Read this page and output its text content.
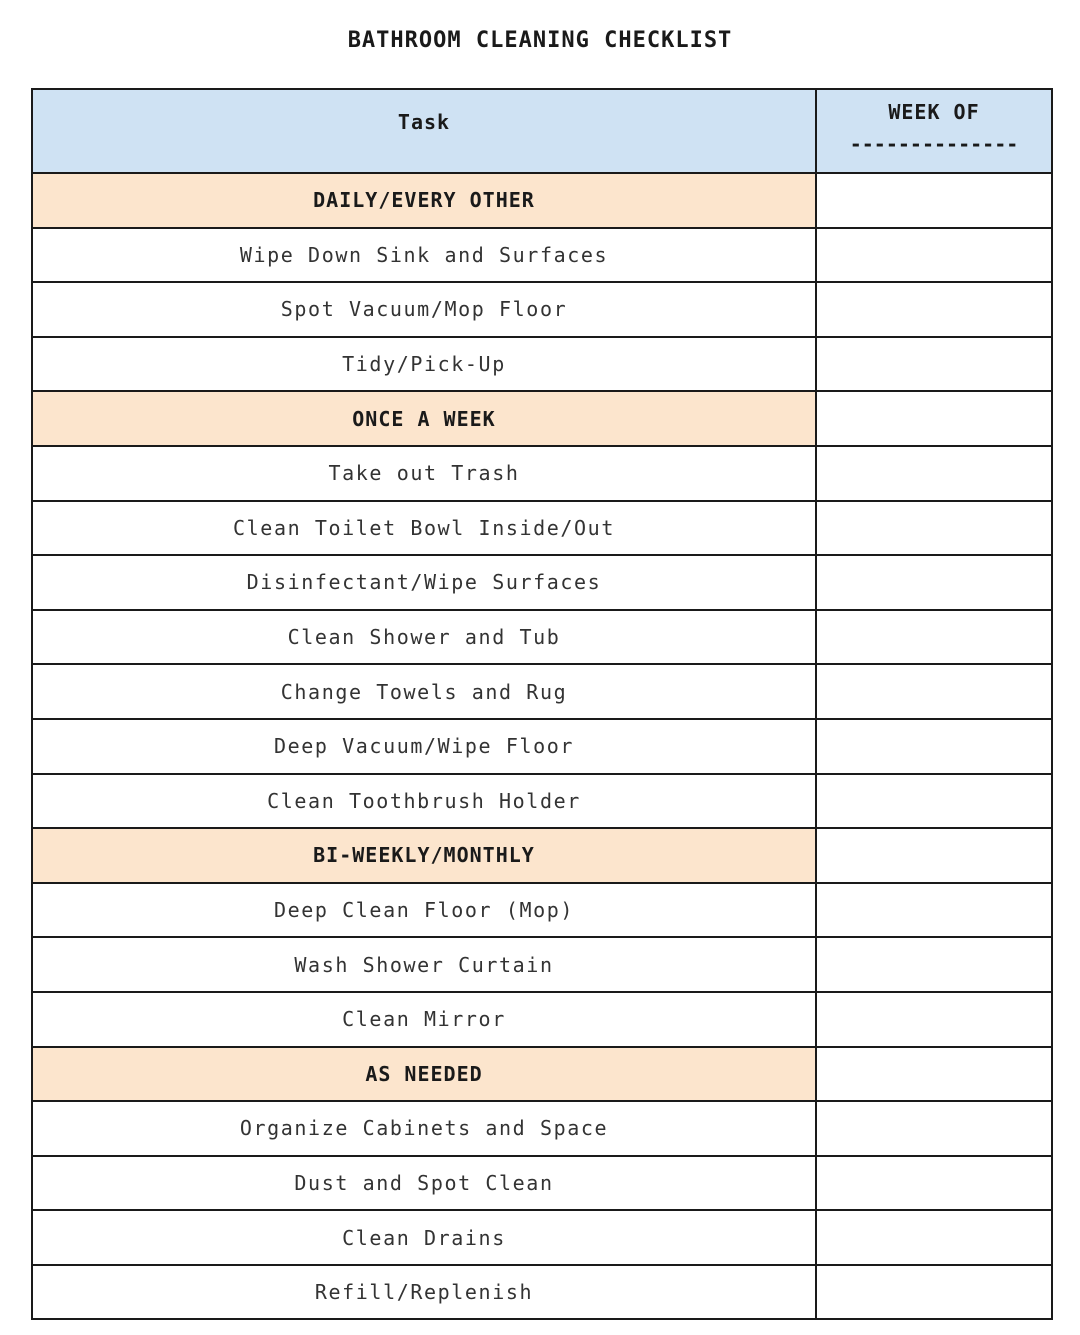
BATHROOM CLEANING CHECKLIST
Task	WEEK OF
--------------

DAILY/EVERY OTHER	
Wipe Down Sink and Surfaces	
Spot Vacuum/Mop Floor	
Tidy/Pick-Up	
ONCE A WEEK	
Take out Trash	
Clean Toilet Bowl Inside/Out	
Disinfectant/Wipe Surfaces	
Clean Shower and Tub	
Change Towels and Rug	
Deep Vacuum/Wipe Floor	
Clean Toothbrush Holder	
BI-WEEKLY/MONTHLY	
Deep Clean Floor (Mop)	
Wash Shower Curtain	
Clean Mirror	
AS NEEDED	
Organize Cabinets and Space	
Dust and Spot Clean	
Clean Drains	
Refill/Replenish	
